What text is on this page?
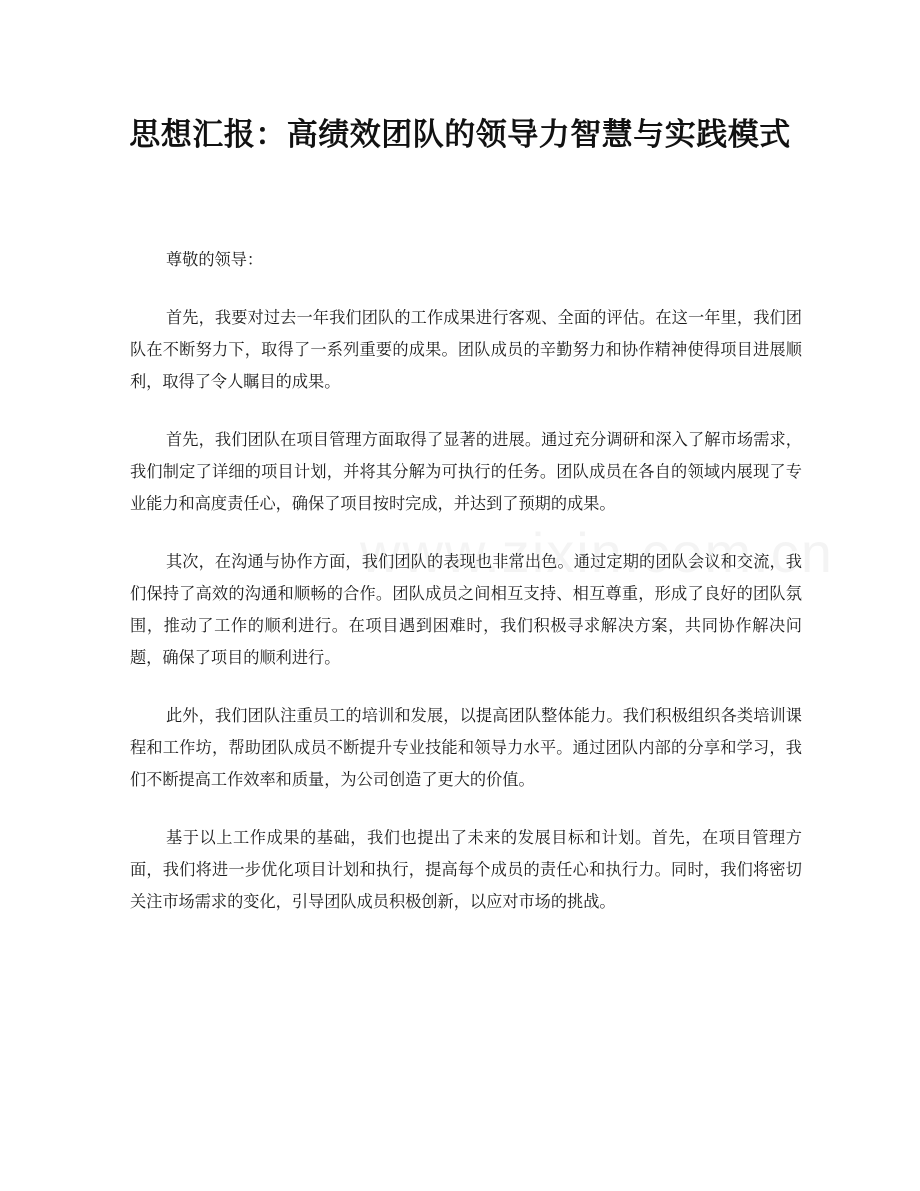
思想汇报：高绩效团队的领导力智慧与实践模式

尊敬的领导：

首先，我要对过去一年我们团队的工作成果进行客观、全面的评估。在这一年里，我们团队在不断努力下，取得了一系列重要的成果。团队成员的辛勤努力和协作精神使得项目进展顺利，取得了令人瞩目的成果。

首先，我们团队在项目管理方面取得了显著的进展。通过充分调研和深入了解市场需求，我们制定了详细的项目计划，并将其分解为可执行的任务。团队成员在各自的领域内展现了专业能力和高度责任心，确保了项目按时完成，并达到了预期的成果。

其次，在沟通与协作方面，我们团队的表现也非常出色。通过定期的团队会议和交流，我们保持了高效的沟通和顺畅的合作。团队成员之间相互支持、相互尊重，形成了良好的团队氛围，推动了工作的顺利进行。在项目遇到困难时，我们积极寻求解决方案，共同协作解决问题，确保了项目的顺利进行。

此外，我们团队注重员工的培训和发展，以提高团队整体能力。我们积极组织各类培训课程和工作坊，帮助团队成员不断提升专业技能和领导力水平。通过团队内部的分享和学习，我们不断提高工作效率和质量，为公司创造了更大的价值。

基于以上工作成果的基础，我们也提出了未来的发展目标和计划。首先，在项目管理方面，我们将进一步优化项目计划和执行，提高每个成员的责任心和执行力。同时，我们将密切关注市场需求的变化，引导团队成员积极创新，以应对市场的挑战。
